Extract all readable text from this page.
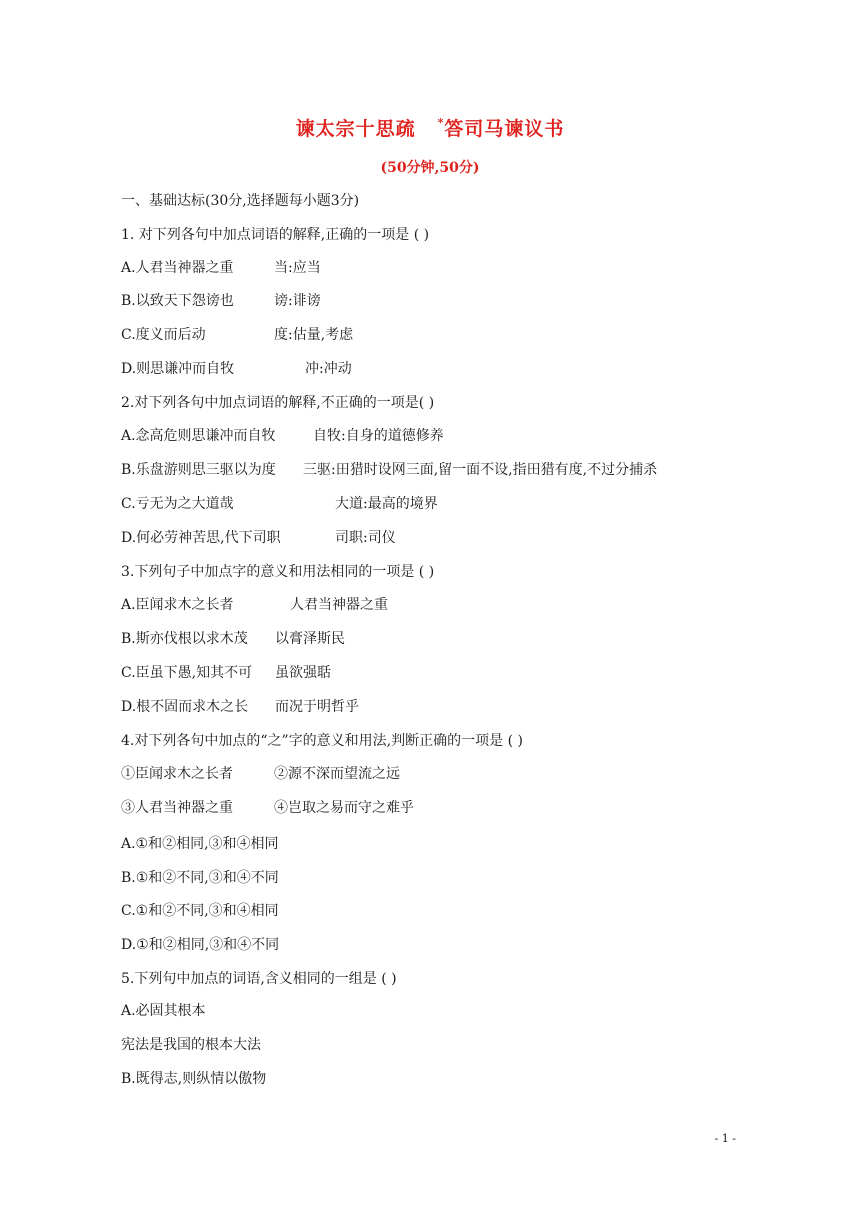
谏太宗十思疏 *答司马谏议书
(50分钟,50分)
一、基础达标(30分,选择题每小题3分)
1. 对下列各句中加点词语的解释,正确的一项是 ( )
A.人君当神器之重	当:应当
B.以致天下怨谤也	谤:诽谤
C.度义而后动	度:估量,考虑
D.则思谦冲而自牧	冲:冲动
2.对下列各句中加点词语的解释,不正确的一项是( )
A.念高危则思谦冲而自牧	自牧:自身的道德修养
B.乐盘游则思三驱以为度 三驱:田猎时设网三面,留一面不设,指田猎有度,不过分捕杀
C.亏无为之大道哉	大道:最高的境界
D.何必劳神苦思,代下司职	司职:司仪
3.下列句子中加点字的意义和用法相同的一项是 ( )
A.臣闻求木之长者	人君当神器之重
B.斯亦伐根以求木茂 以膏泽斯民
C.臣虽下愚,知其不可 虽欲强聒
D.根不固而求木之长 而况于明哲乎
4.对下列各句中加点的“之”字的意义和用法,判断正确的一项是 ( )
①臣闻求木之长者	②源不深而望流之远
③人君当神器之重	④岂取之易而守之难乎
A.①和②相同,③和④相同
B.①和②不同,③和④不同
C.①和②不同,③和④相同
D.①和②相同,③和④不同
5.下列句中加点的词语,含义相同的一组是 ( )
A.必固其根本
宪法是我国的根本大法
B.既得志,则纵情以傲物
- 1 -
